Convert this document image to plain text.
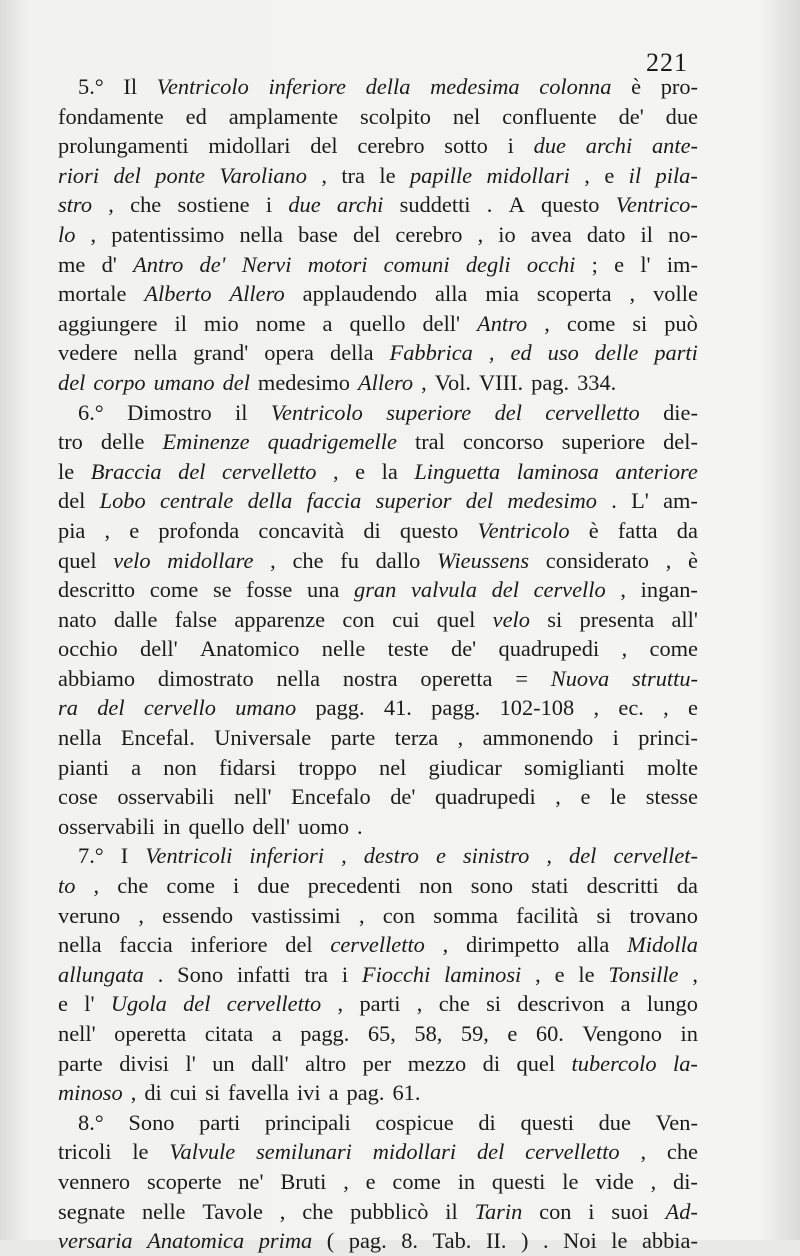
221
5.° Il Ventricolo inferiore della medesima colonna è pro-
fondamente ed amplamente scolpito nel confluente de' due
prolungamenti midollari del cerebro sotto i due archi ante-
riori del ponte Varoliano , tra le papille midollari , e il pila-
stro , che sostiene i due archi suddetti . A questo Ventrico-
lo , patentissimo nella base del cerebro , io avea dato il no-
me d' Antro de' Nervi motori comuni degli occhi ; e l' im-
mortale Alberto Allero applaudendo alla mia scoperta , volle
aggiungere il mio nome a quello dell' Antro , come si può
vedere nella grand' opera della Fabbrica , ed uso delle parti
del corpo umano del medesimo Allero , Vol. VIII. pag. 334.
6.° Dimostro il Ventricolo superiore del cervelletto die-
tro delle Eminenze quadrigemelle tral concorso superiore del-
le Braccia del cervelletto , e la Linguetta laminosa anteriore
del Lobo centrale della faccia superior del medesimo . L' am-
pia , e profonda concavità di questo Ventricolo è fatta da
quel velo midollare , che fu dallo Wieussens considerato , è
descritto come se fosse una gran valvula del cervello , ingan-
nato dalle false apparenze con cui quel velo si presenta all'
occhio dell' Anatomico nelle teste de' quadrupedi , come
abbiamo dimostrato nella nostra operetta = Nuova struttu-
ra del cervello umano pagg. 41. pagg. 102-108 , ec. , e
nella Encefal. Universale parte terza , ammonendo i princi-
pianti a non fidarsi troppo nel giudicar somiglianti molte
cose osservabili nell' Encefalo de' quadrupedi , e le stesse
osservabili in quello dell' uomo .
7.° I Ventricoli inferiori , destro e sinistro , del cervellet-
to , che come i due precedenti non sono stati descritti da
veruno , essendo vastissimi , con somma facilità si trovano
nella faccia inferiore del cervelletto , dirimpetto alla Midolla
allungata . Sono infatti tra i Fiocchi laminosi , e le Tonsille ,
e l' Ugola del cervelletto , parti , che si descrivon a lungo
nell' operetta citata a pagg. 65, 58, 59, e 60. Vengono in
parte divisi l' un dall' altro per mezzo di quel tubercolo la-
minoso , di cui si favella ivi a pag. 61.
8.° Sono parti principali cospicue di questi due Ven-
tricoli le Valvule semilunari midollari del cervelletto , che
vennero scoperte ne' Bruti , e come in questi le vide , di-
segnate nelle Tavole , che pubblicò il Tarin con i suoi Ad-
versaria Anatomica prima ( pag. 8. Tab. II. ) . Noi le abbia-
